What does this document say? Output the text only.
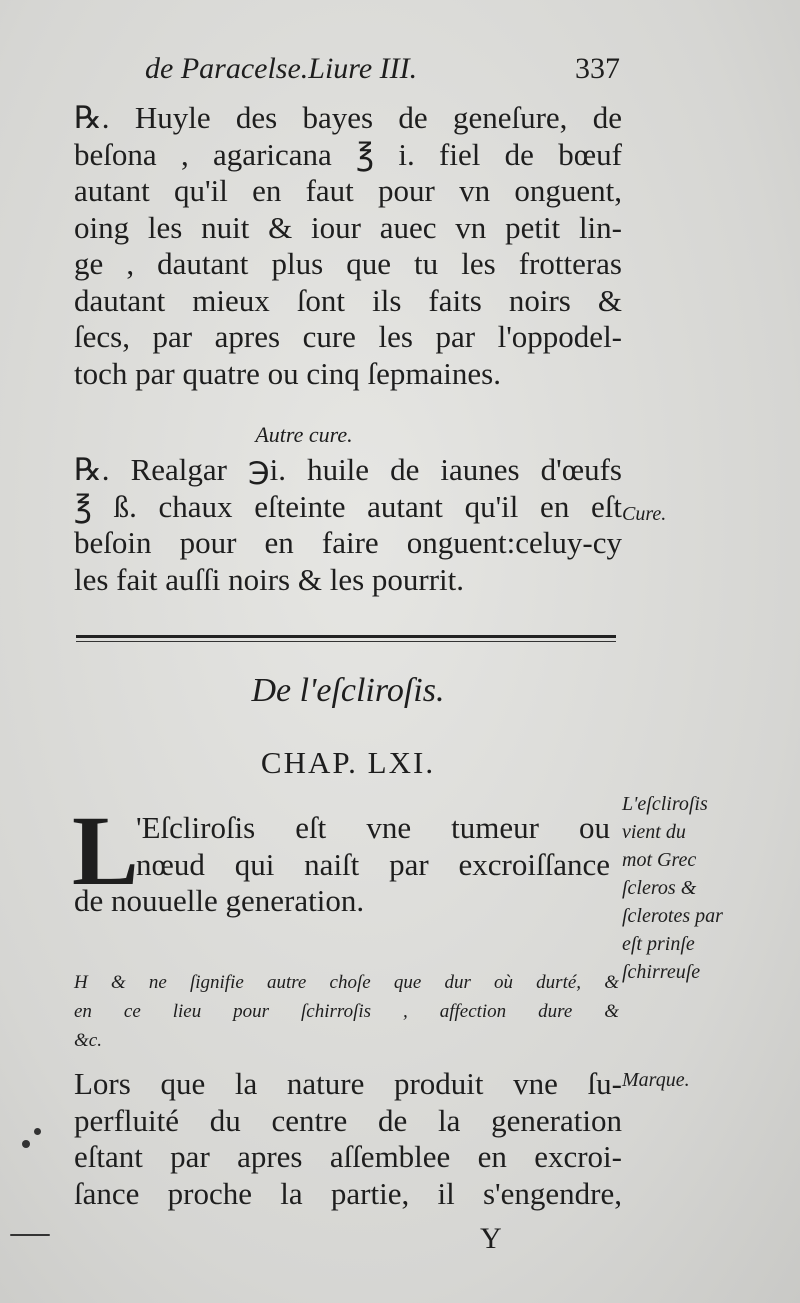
de Paracelse.Liure III.	337
℞. Huyle des bayes de geneſure, de
beſona , agaricana ℥ i. fiel de bœuf
autant qu'il en faut pour vn onguent,
oing les nuit & iour auec vn petit lin-
ge , dautant plus que tu les frotteras
dautant mieux ſont ils faits noirs &
ſecs, par apres cure les par l'oppodel-
toch par quatre ou cinq ſepmaines.
Autre cure.
℞. Realgar ℈i. huile de iaunes d'œufs
℥ ß. chaux eſteinte autant qu'il en eſt
beſoin pour en faire onguent:celuy-cy
les fait auſſi noirs & les pourrit.
Cure.
De l'eſcliroſis.
CHAP. LXI.
L
'Eſcliroſis eſt vne tumeur ou
nœud qui naiſt par excroiſſance
de nouuelle generation.
L'eſcliroſis
vient du
mot Grec
ſcleros &
ſclerotes par
eſt prinſe
ſchirreuſe
H & ne ſignifie autre choſe que dur où durté, &
en ce lieu pour ſchirroſis , affection dure &
&c.
Marque.
Lors que la nature produit vne ſu-
perfluité du centre de la generation
eſtant par apres aſſemblee en excroi-
ſance proche la partie, il s'engendre,
Y
